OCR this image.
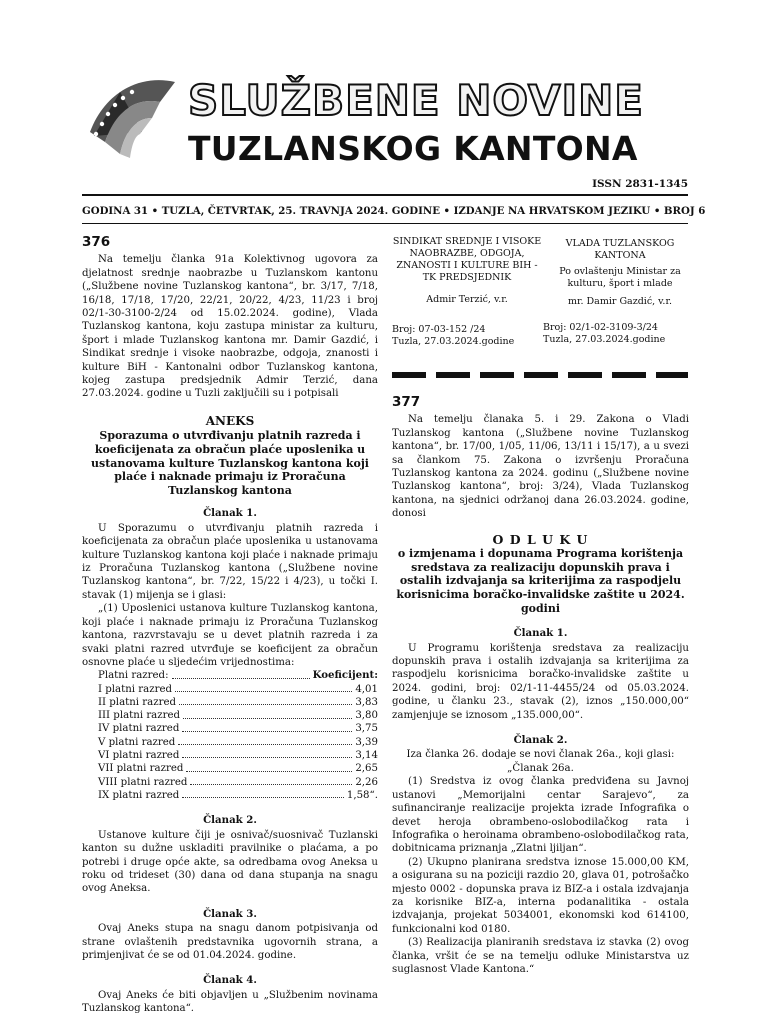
SLUŽBENE NOVINE
TUZLANSKOG KANTONA
ISSN 2831-1345
GODINA 31 • TUZLA, ČETVRTAK, 25. TRAVNJA 2024. GODINE • IZDANJE NA HRVATSKOM JEZIKU • BROJ 6
376

Na temelju članka 91a Kolektivnog ugovora za djelatnost srednje naobrazbe u Tuzlanskom kantonu („Službene novine Tuzlanskog kantona“, br. 3/17, 7/18, 16/18, 17/18, 17/20, 22/21, 20/22, 4/23, 11/23 i broj 02/1-30-3100-2/24 od 15.02.2024. godine), Vlada Tuzlanskog kantona, koju zastupa ministar za kulturu, šport i mlade Tuzlanskog kantona mr. Damir Gazdić, i Sindikat srednje i visoke naobrazbe, odgoja, znanosti i kulture BiH - Kantonalni odbor Tuzlanskog kantona, kojeg zastupa predsjednik Admir Terzić, dana 27.03.2024. godine u Tuzli zaključili su i potpisali

ANEKS
Sporazuma o utvrđivanju platnih razreda i koeficijenata za obračun plaće uposlenika u ustanovama kulture Tuzlanskog kantona koji plaće i naknade primaju iz Proračuna Tuzlanskog kantona
Članak 1.

U Sporazumu o utvrđivanju platnih razreda i koeficijenata za obračun plaće uposlenika u ustanovama kulture Tuzlanskog kantona koji plaće i naknade primaju iz Proračuna Tuzlanskog kantona („Službene novine Tuzlanskog kantona“, br. 7/22, 15/22 i 4/23), u točki I. stavak (1) mijenja se i glasi:

„(1) Uposlenici ustanova kulture Tuzlanskog kantona, koji plaće i naknade primaju iz Proračuna Tuzlanskog kantona, razvrstavaju se u devet platnih razreda i za svaki platni razred utvrđuje se koeficijent za obračun osnovne plaće u sljedećim vrijednostima:

Platni razred:	Koeficijent:
I platni razred	4,01
II platni razred	3,83
III platni razred	3,80
IV platni razred	3,75
V platni razred	3,39
VI platni razred	3,14
VII platni razred	2,65
VIII platni razred	2,26
IX platni razred	1,58“.
Članak 2.

Ustanove kulture čiji je osnivač/suosnivač Tuzlanski kanton su dužne uskladiti pravilnike o plaćama, a po potrebi i druge opće akte, sa odredbama ovog Aneksa u roku od trideset (30) dana od dana stupanja na snagu ovog Aneksa.

Članak 3.

Ovaj Aneks stupa na snagu danom potpisivanja od strane ovlaštenih predstavnika ugovornih strana, a primjenjivat će se od 01.04.2024. godine.

Članak 4.

Ovaj Aneks će biti objavljen u „Službenim novinama Tuzlanskog kantona“.

SINDIKAT SREDNJE I VISOKE NAOBRAZBE, ODGOJA, ZNANOSTI I KULTURE BIH - TK PREDSJEDNIK
Admir Terzić, v.r.
VLADA TUZLANSKOG KANTONA
Po ovlaštenju Ministar za kulturu, šport i mlade
mr. Damir Gazdić, v.r.
Broj: 07-03-152 /24
Tuzla, 27.03.2024.godine
Broj: 02/1-02-3109-3/24
Tuzla, 27.03.2024.godine
377

Na temelju članaka 5. i 29. Zakona o Vladi Tuzlanskog kantona („Službene novine Tuzlanskog kantona“, br. 17/00, 1/05, 11/06, 13/11 i 15/17), a u svezi sa člankom 75. Zakona o izvršenju Proračuna Tuzlanskog kantona za 2024. godinu („Službene novine Tuzlanskog kantona“, broj: 3/24), Vlada Tuzlanskog kantona, na sjednici održanoj dana 26.03.2024. godine, donosi

O D L U K U
o izmjenama i dopunama Programa korištenja sredstava za realizaciju dopunskih prava i ostalih izdvajanja sa kriterijima za raspodjelu korisnicima boračko-invalidske zaštite u 2024. godini
Članak 1.

U Programu korištenja sredstava za realizaciju dopunskih prava i ostalih izdvajanja sa kriterijima za raspodjelu korisnicima boračko-invalidske zaštite u 2024. godini, broj: 02/1-11-4455/24 od 05.03.2024. godine, u članku 23., stavak (2), iznos „150.000,00“ zamjenjuje se iznosom „135.000,00“.

Članak 2.

Iza članka 26. dodaje se novi članak 26a., koji glasi:

„Članak 26a.

(1) Sredstva iz ovog članka predviđena su Javnoj ustanovi „Memorijalni centar Sarajevo“, za sufinanciranje realizacije projekta izrade Infografika o devet heroja obrambeno-oslobodilačkog rata i Infografika o heroinama obrambeno-oslobodilačkog rata, dobitnicama priznanja „Zlatni ljiljan“.

(2) Ukupno planirana sredstva iznose 15.000,00 KM, a osigurana su na poziciji razdio 20, glava 01, potrošačko mjesto 0002 - dopunska prava iz BIZ-a i ostala izdvajanja za korisnike BIZ-a, interna podanalitika - ostala izdvajanja, projekat 5034001, ekonomski kod 614100, funkcionalni kod 0180.

(3) Realizacija planiranih sredstava iz stavka (2) ovog članka, vršit će se na temelju odluke Ministarstva uz suglasnost Vlade Kantona.“
